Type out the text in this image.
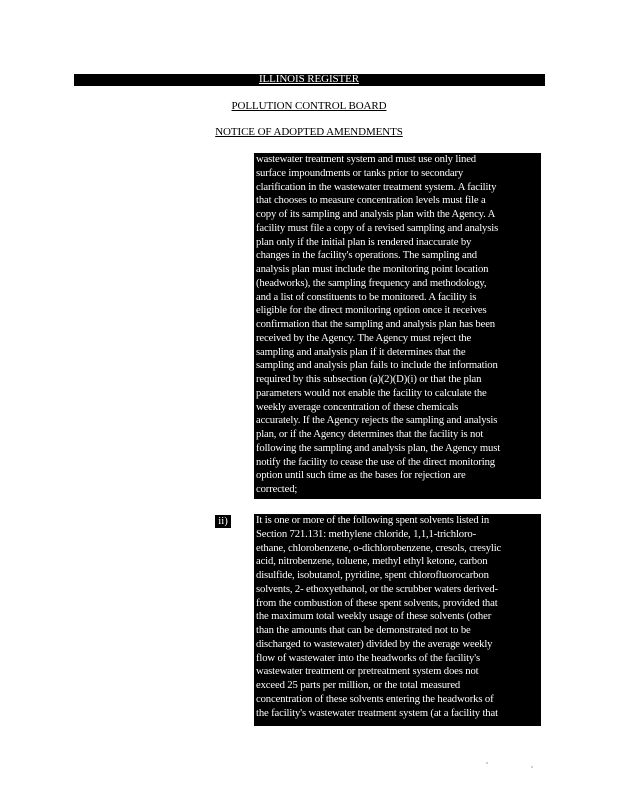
ILLINOIS REGISTER
POLLUTION CONTROL BOARD
NOTICE OF ADOPTED AMENDMENTS
wastewater treatment system and must use only lined
surface impoundments or tanks prior to secondary
clarification in the wastewater treatment system. A facility
that chooses to measure concentration levels must file a
copy of its sampling and analysis plan with the Agency. A
facility must file a copy of a revised sampling and analysis
plan only if the initial plan is rendered inaccurate by
changes in the facility's operations. The sampling and
analysis plan must include the monitoring point location
(headworks), the sampling frequency and methodology,
and a list of constituents to be monitored. A facility is
eligible for the direct monitoring option once it receives
confirmation that the sampling and analysis plan has been
received by the Agency. The Agency must reject the
sampling and analysis plan if it determines that the
sampling and analysis plan fails to include the information
required by this subsection (a)(2)(D)(i) or that the plan
parameters would not enable the facility to calculate the
weekly average concentration of these chemicals
accurately. If the Agency rejects the sampling and analysis
plan, or if the Agency determines that the facility is not
following the sampling and analysis plan, the Agency must
notify the facility to cease the use of the direct monitoring
option until such time as the bases for rejection are
corrected;
ii)	It is one or more of the following spent solvents listed in
Section 721.131: methylene chloride, 1,1,1-trichloro-
ethane, chlorobenzene, o-dichlorobenzene, cresols, cresylic
acid, nitrobenzene, toluene, methyl ethyl ketone, carbon
disulfide, isobutanol, pyridine, spent chlorofluorocarbon
solvents, 2- ethoxyethanol, or the scrubber waters derived-
from the combustion of these spent solvents, provided that
the maximum total weekly usage of these solvents (other
than the amounts that can be demonstrated not to be
discharged to wastewater) divided by the average weekly
flow of wastewater into the headworks of the facility's
wastewater treatment or pretreatment system does not
exceed 25 parts per million, or the total measured
concentration of these solvents entering the headworks of
the facility's wastewater treatment system (at a facility that
